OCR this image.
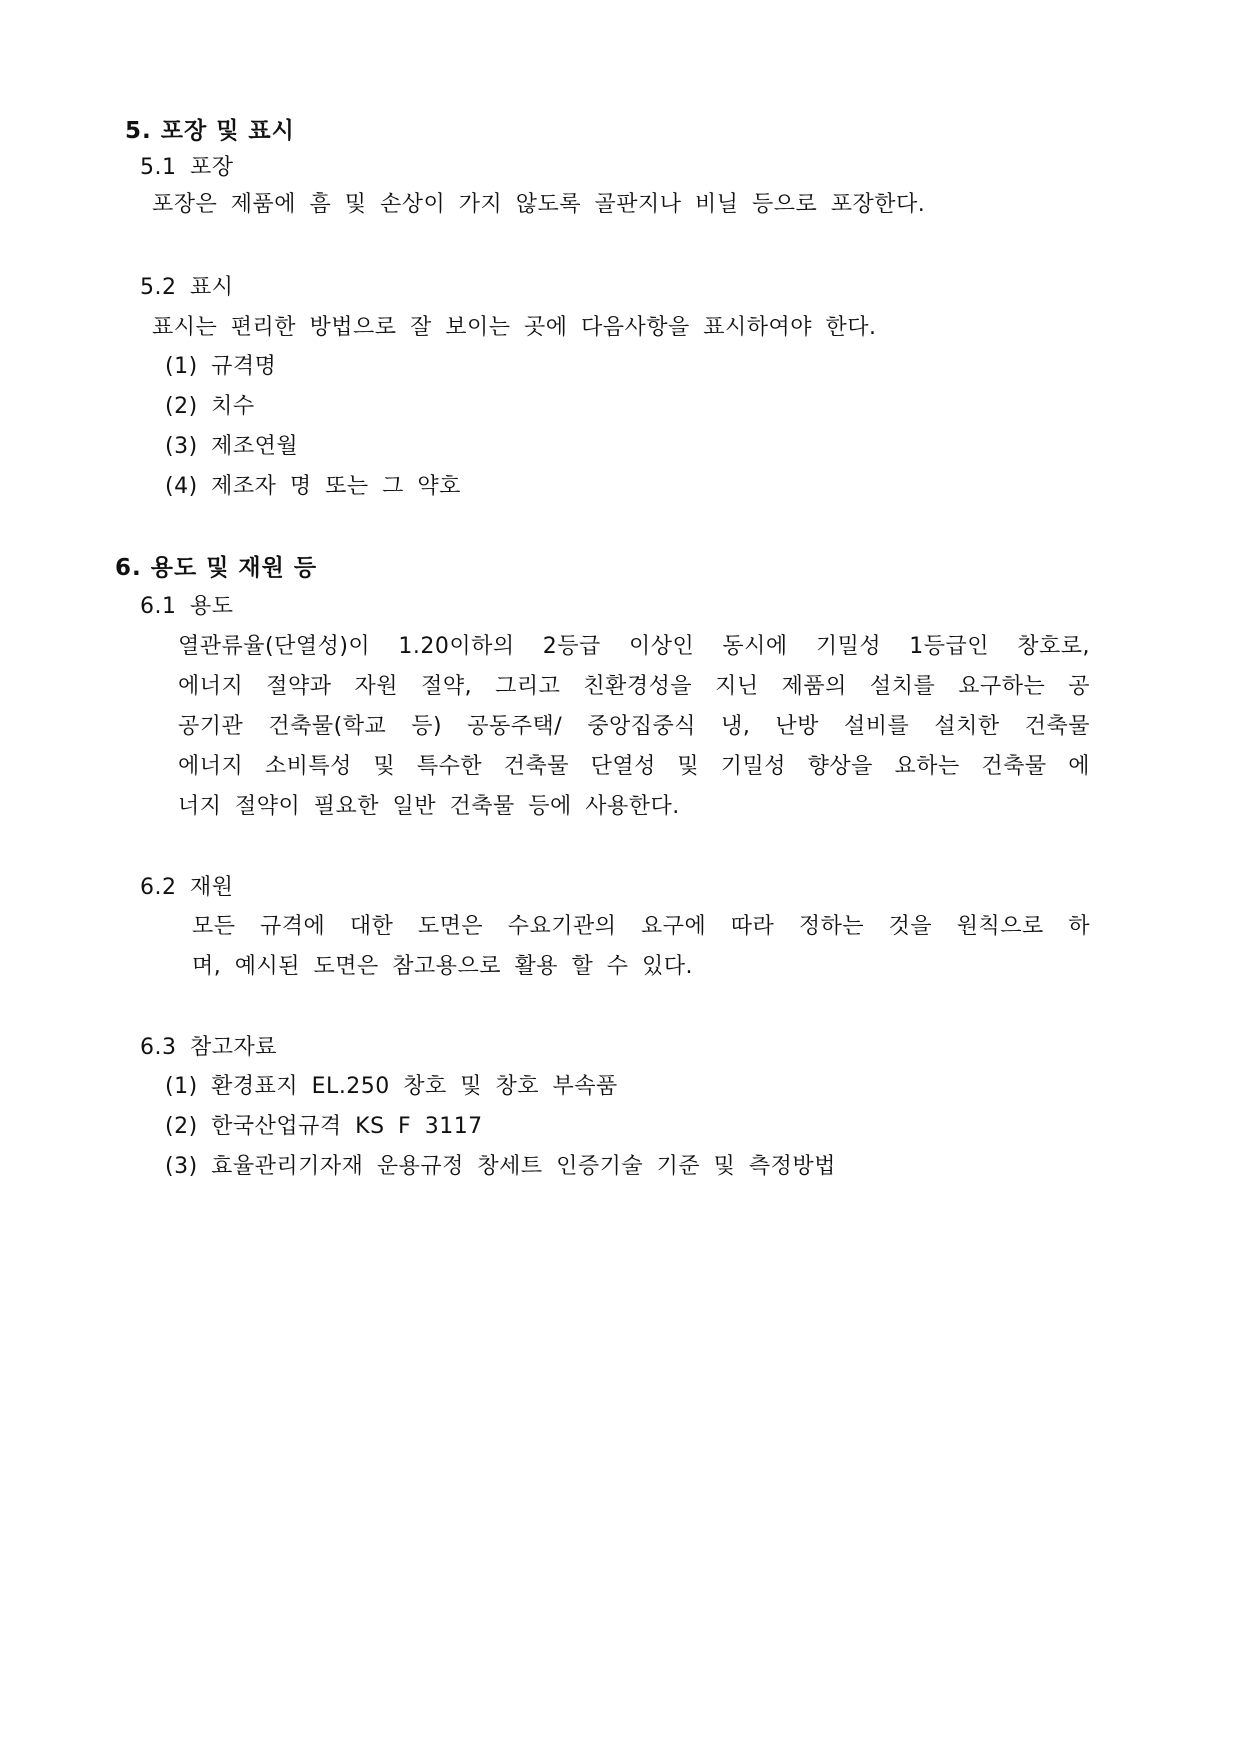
5. 포장 및 표시
5.1 포장
포장은 제품에 흠 및 손상이 가지 않도록 골판지나 비닐 등으로 포장한다.
5.2 표시
표시는 편리한 방법으로 잘 보이는 곳에 다음사항을 표시하여야 한다.
(1) 규격명
(2) 치수
(3) 제조연월
(4) 제조자 명 또는 그 약호
6. 용도 및 재원 등
6.1 용도
열관류율(단열성)이 1.20이하의 2등급 이상인 동시에 기밀성 1등급인 창호로,
에너지 절약과 자원 절약, 그리고 친환경성을 지닌 제품의 설치를 요구하는 공
공기관 건축물(학교 등) 공동주택/ 중앙집중식 냉, 난방 설비를 설치한 건축물
에너지 소비특성 및 특수한 건축물 단열성 및 기밀성 향상을 요하는 건축물 에
너지 절약이 필요한 일반 건축물 등에 사용한다.
6.2 재원
모든 규격에 대한 도면은 수요기관의 요구에 따라 정하는 것을 원칙으로 하
며, 예시된 도면은 참고용으로 활용 할 수 있다.
6.3 참고자료
(1) 환경표지 EL.250 창호 및 창호 부속품
(2) 한국산업규격 KS F 3117
(3) 효율관리기자재 운용규정 창세트 인증기술 기준 및 측정방법
